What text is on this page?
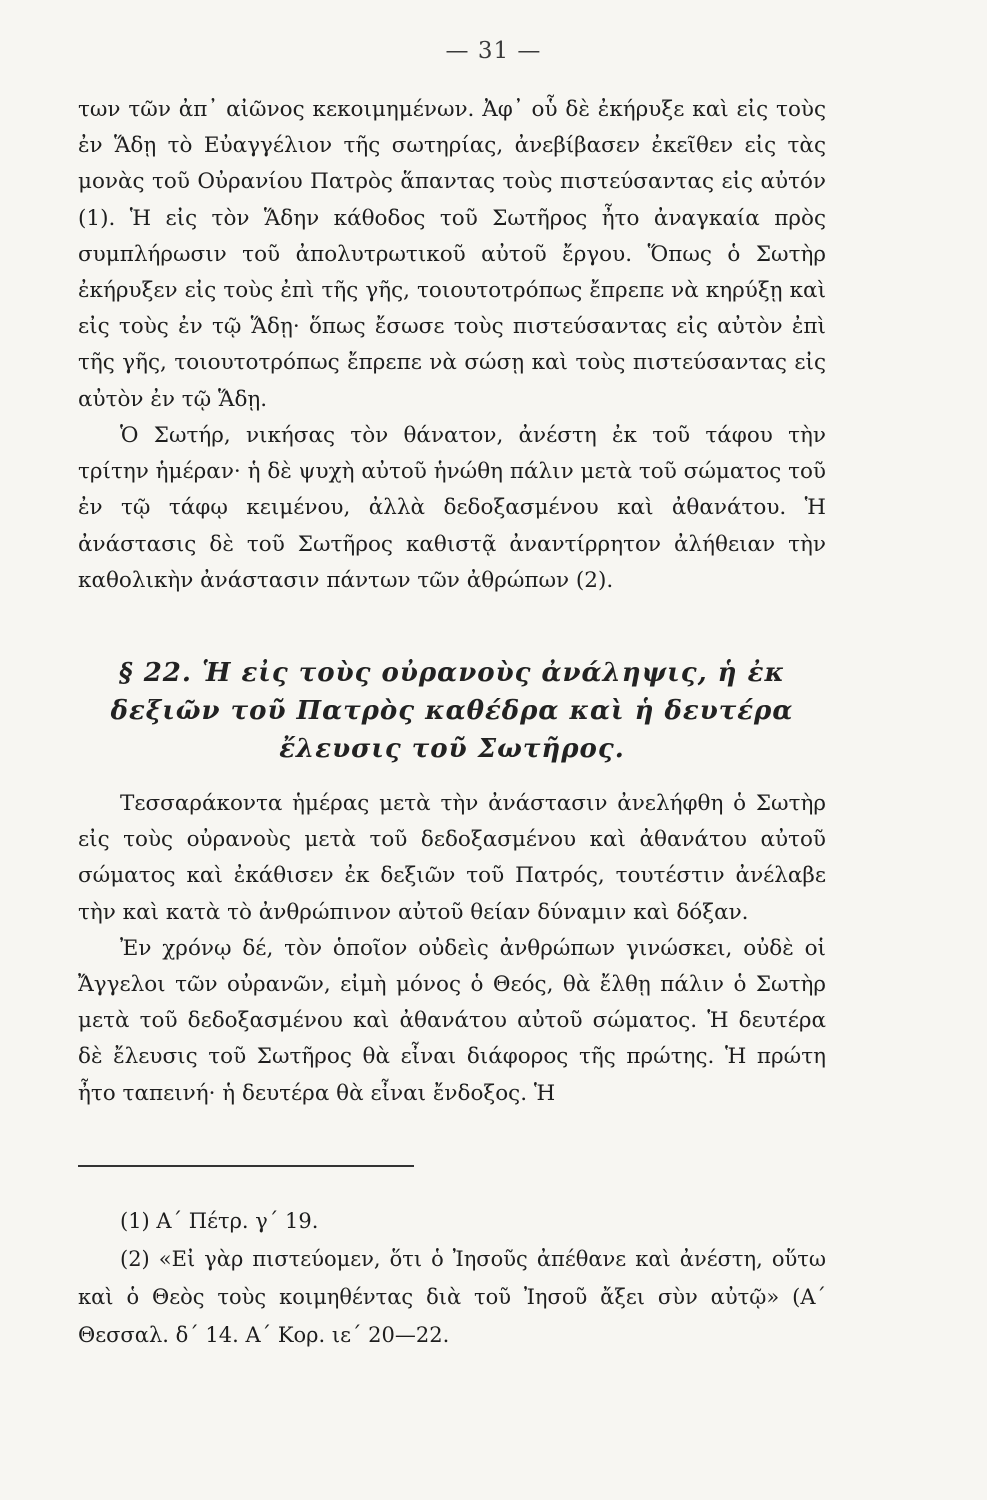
— 31 —

των τῶν ἀπ᾽ αἰῶνος κεκοιμημένων. Ἀφ᾽ οὗ δὲ ἐκήρυξε καὶ εἰς τοὺς ἐν Ἅδῃ τὸ Εὐαγγέλιον τῆς σωτηρίας, ἀνεβίβασεν ἐκεῖθεν εἰς τὰς μονὰς τοῦ Οὐρανίου Πατρὸς ἅπαντας τοὺς πιστεύσαντας εἰς αὐτόν (1). Ἡ εἰς τὸν Ἅδην κάθοδος τοῦ Σωτῆρος ἦτο ἀναγκαία πρὸς συμπλήρωσιν τοῦ ἀπολυτρωτικοῦ αὐτοῦ ἔργου. Ὅπως ὁ Σωτὴρ ἐκήρυξεν εἰς τοὺς ἐπὶ τῆς γῆς, τοιουτοτρόπως ἔπρεπε νὰ κηρύξῃ καὶ εἰς τοὺς ἐν τῷ Ἅδῃ· ὅπως ἔσωσε τοὺς πιστεύσαντας εἰς αὐτὸν ἐπὶ τῆς γῆς, τοιουτοτρόπως ἔπρεπε νὰ σώσῃ καὶ τοὺς πιστεύσαντας εἰς αὐτὸν ἐν τῷ Ἅδῃ.

Ὁ Σωτήρ, νικήσας τὸν θάνατον, ἀνέστη ἐκ τοῦ τάφου τὴν τρίτην ἡμέραν· ἡ δὲ ψυχὴ αὐτοῦ ἡνώθη πάλιν μετὰ τοῦ σώματος τοῦ ἐν τῷ τάφῳ κειμένου, ἀλλὰ δεδοξασμένου καὶ ἀθανάτου. Ἡ ἀνάστασις δὲ τοῦ Σωτῆρος καθιστᾷ ἀναντίρρητον ἀλήθειαν τὴν καθολικὴν ἀνάστασιν πάντων τῶν ἀθρώπων (2).

§ 22. Ἡ εἰς τοὺς οὐρανοὺς ἀνάληψις, ἡ ἐκ δεξιῶν τοῦ Πατρὸς καθέδρα καὶ ἡ δευτέρα ἔλευσις τοῦ Σωτῆρος.

Τεσσαράκοντα ἡμέρας μετὰ τὴν ἀνάστασιν ἀνελήφθη ὁ Σωτὴρ εἰς τοὺς οὐρανοὺς μετὰ τοῦ δεδοξασμένου καὶ ἀθανάτου αὐτοῦ σώματος καὶ ἐκάθισεν ἐκ δεξιῶν τοῦ Πατρός, τουτέστιν ἀνέλαβε τὴν καὶ κατὰ τὸ ἀνθρώπινον αὐτοῦ θείαν δύναμιν καὶ δόξαν.

Ἐν χρόνῳ δέ, τὸν ὁποῖον οὐδεὶς ἀνθρώπων γινώσκει, οὐδὲ οἱ Ἄγγελοι τῶν οὐρανῶν, εἰμὴ μόνος ὁ Θεός, θὰ ἔλθῃ πάλιν ὁ Σωτὴρ μετὰ τοῦ δεδοξασμένου καὶ ἀθανάτου αὐτοῦ σώματος. Ἡ δευτέρα δὲ ἔλευσις τοῦ Σωτῆρος θὰ εἶναι διάφορος τῆς πρώτης. Ἡ πρώτη ἦτο ταπεινή· ἡ δευτέρα θὰ εἶναι ἔνδοξος. Ἡ

(1) Α΄ Πέτρ. γ΄ 19.

(2) «Εἰ γὰρ πιστεύομεν, ὅτι ὁ Ἰησοῦς ἀπέθανε καὶ ἀνέστη, οὕτω καὶ ὁ Θεὸς τοὺς κοιμηθέντας διὰ τοῦ Ἰησοῦ ἄξει σὺν αὐτῷ» (Α΄ Θεσσαλ. δ΄ 14. Α΄ Κορ. ιε΄ 20—22.
